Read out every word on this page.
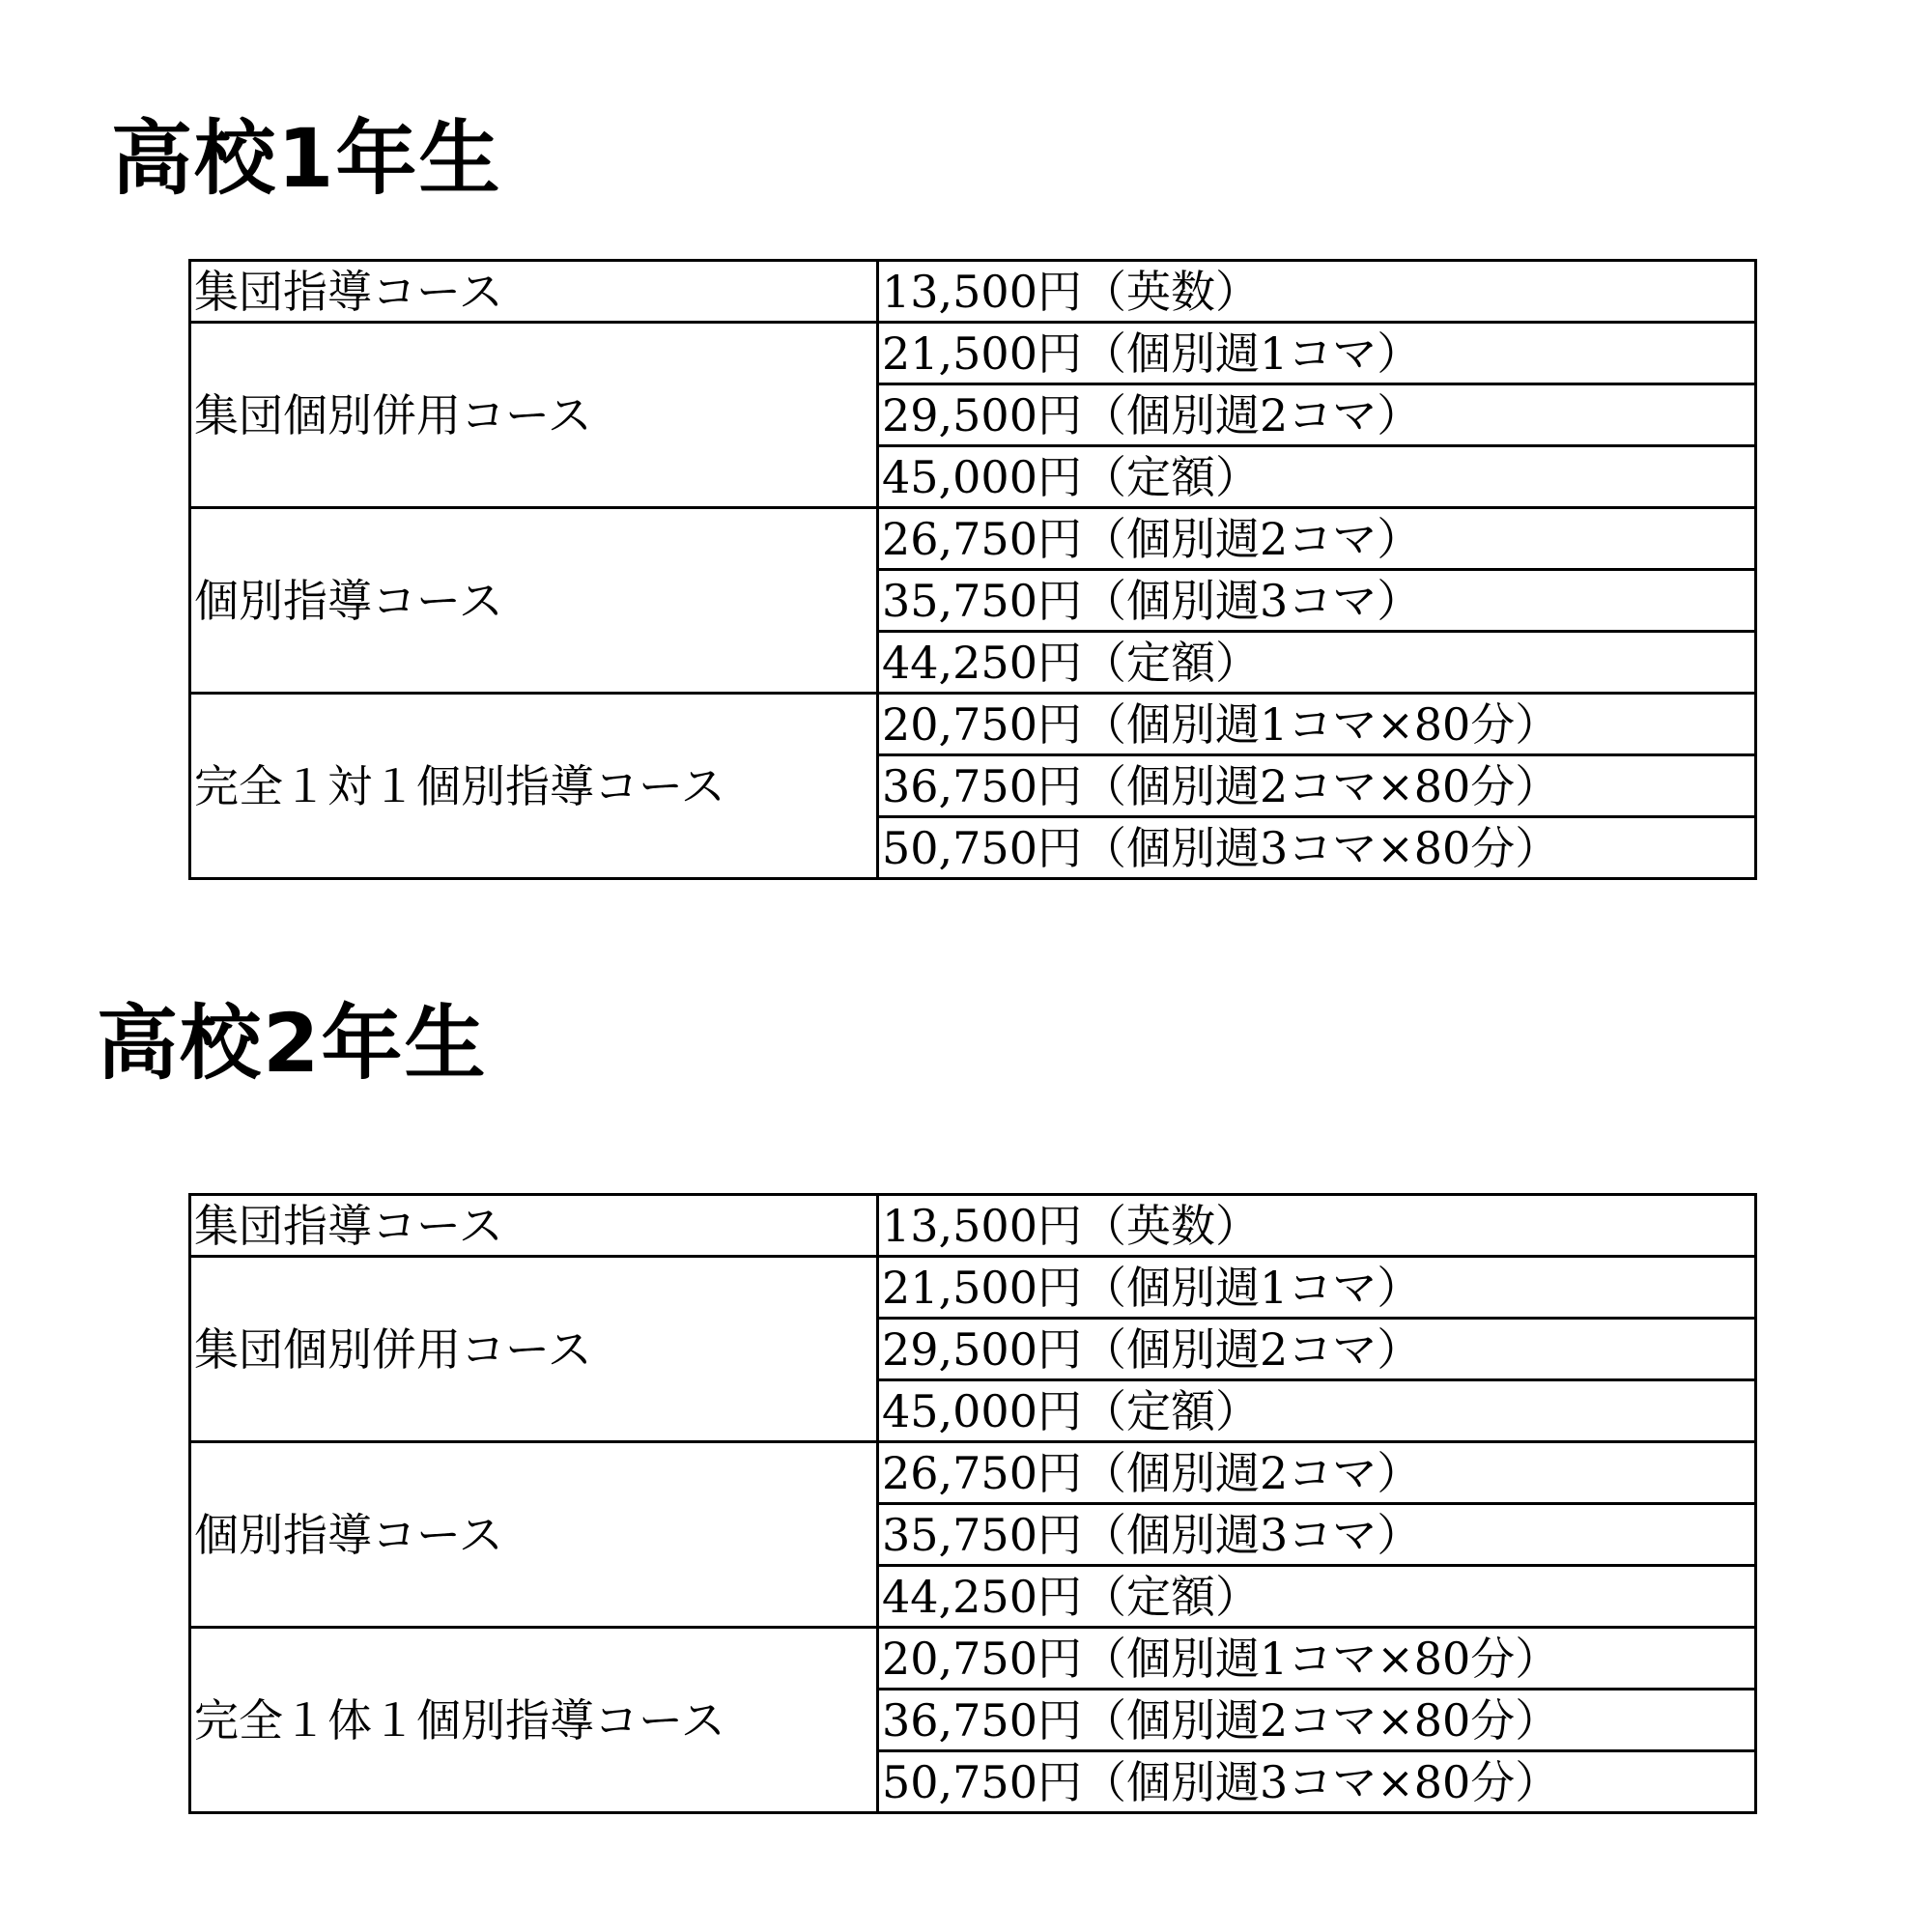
高校1年生
集団指導コース	13,500円（英数）
集団個別併用コース	21,500円（個別週1コマ）
	29,500円（個別週2コマ）
	45,000円（定額）
個別指導コース	26,750円（個別週2コマ）
	35,750円（個別週3コマ）
	44,250円（定額）
完全１対１個別指導コース	20,750円（個別週1コマ×80分）
	36,750円（個別週2コマ×80分）
	50,750円（個別週3コマ×80分）
高校2年生
集団指導コース	13,500円（英数）
集団個別併用コース	21,500円（個別週1コマ）
	29,500円（個別週2コマ）
	45,000円（定額）
個別指導コース	26,750円（個別週2コマ）
	35,750円（個別週3コマ）
	44,250円（定額）
完全１体１個別指導コース	20,750円（個別週1コマ×80分）
	36,750円（個別週2コマ×80分）
	50,750円（個別週3コマ×80分）
